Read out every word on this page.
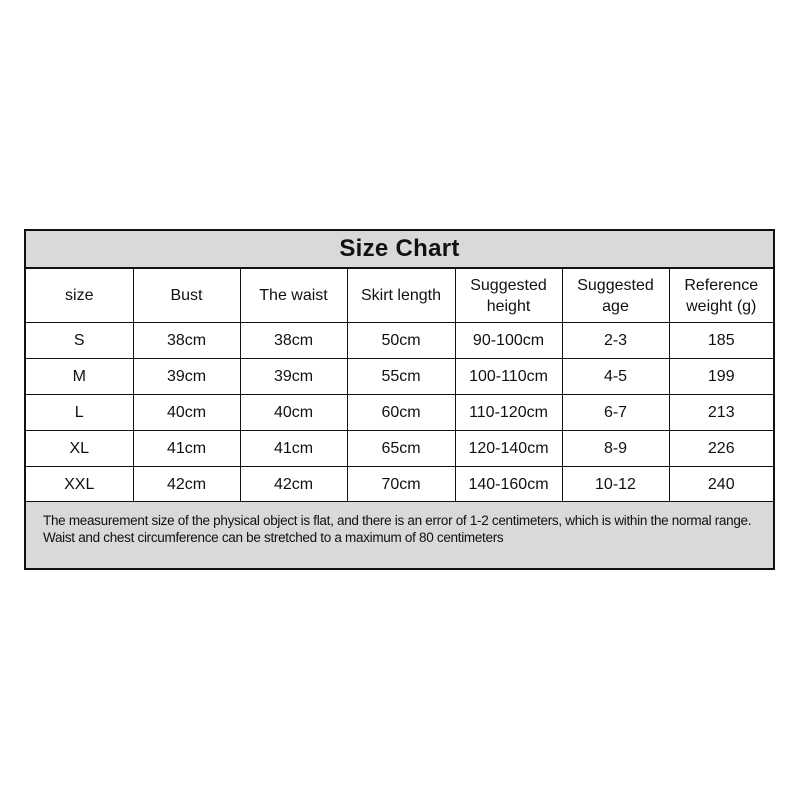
Size Chart
size	Bust	The waist	Skirt length	Suggested height	Suggested age	Reference weight (g)
S	38cm	38cm	50cm	90-100cm	2-3	185
M	39cm	39cm	55cm	100-110cm	4-5	199
L	40cm	40cm	60cm	110-120cm	6-7	213
XL	41cm	41cm	65cm	120-140cm	8-9	226
XXL	42cm	42cm	70cm	140-160cm	10-12	240
The measurement size of the physical object is flat, and there is an error of 1-2 centimeters, which is within the normal range.
Waist and chest circumference can be stretched to a maximum of 80 centimeters
